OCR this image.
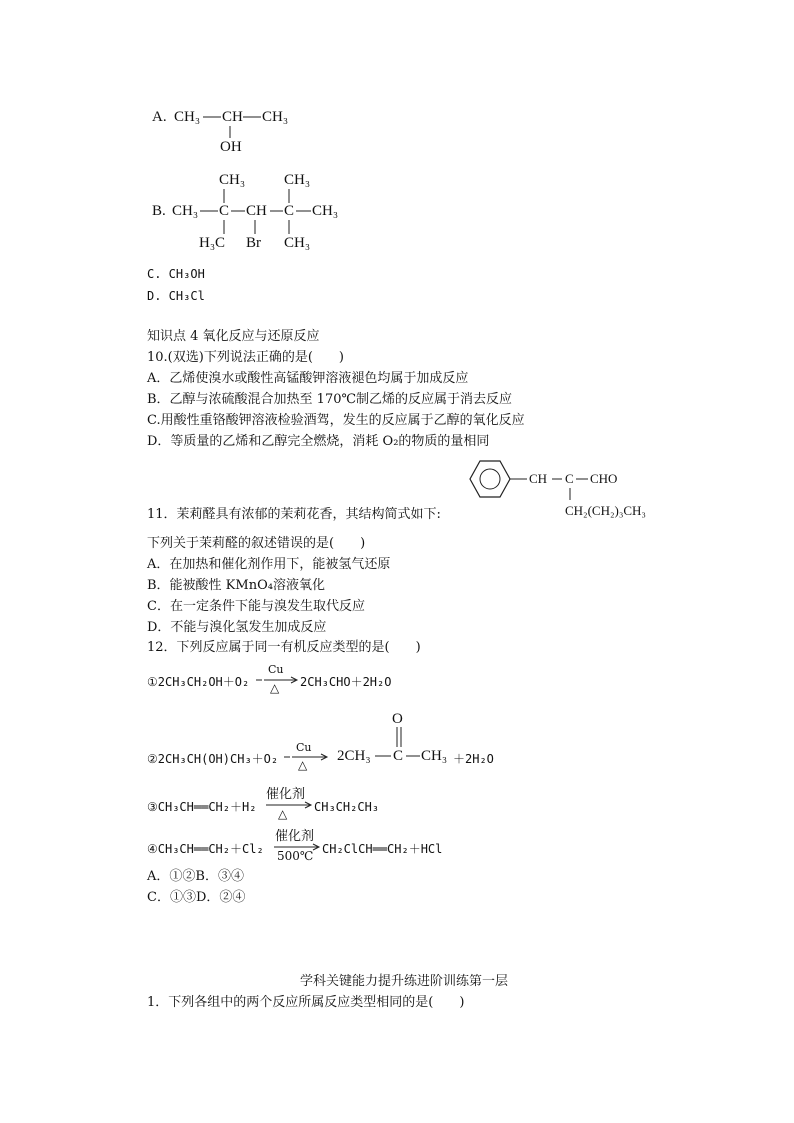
A. CH₃ CH CH₃
OH
B. CH₃ C CH C CH₃
CH₃	CH₃
H₃C Br CH₃
C. CH₃OH
D. CH₃Cl
知识点 4 氧化反应与还原反应
10.(双选)下列说法正确的是(　　)
A．乙烯使溴水或酸性高锰酸钾溶液褪色均属于加成反应
B．乙醇与浓硫酸混合加热至 170℃制乙烯的反应属于消去反应
C.用酸性重铬酸钾溶液检验酒驾，发生的反应属于乙醇的氧化反应
D．等质量的乙烯和乙醇完全燃烧，消耗 O₂的物质的量相同
CH C CHO
CH₂(CH₂)₃CH₃
11．茉莉醛具有浓郁的茉莉花香，其结构简式如下:
下列关于茉莉醛的叙述错误的是(　　)
A．在加热和催化剂作用下，能被氢气还原
B．能被酸性 KMnO₄溶液氧化
C．在一定条件下能与溴发生取代反应
D．不能与溴化氢发生加成反应
12．下列反应属于同一有机反应类型的是(　　)
①2CH₃CH₂OH＋O₂
Cu
△ 2CH₃CHO＋2H₂O
②2CH₃CH(OH)CH₃＋O₂
Cu
△
2CH₃ C
O
CH₃ ＋2H₂O
③CH₃CH══CH₂＋H₂
催化剂
△ CH₃CH₂CH₃
④CH₃CH══CH₂＋Cl₂
催化剂
500℃ CH₂ClCH══CH₂＋HCl
A．①②B．③④
C．①③D．②④
学科关键能力提升练进阶训练第一层
1．下列各组中的两个反应所属反应类型相同的是(　　)
